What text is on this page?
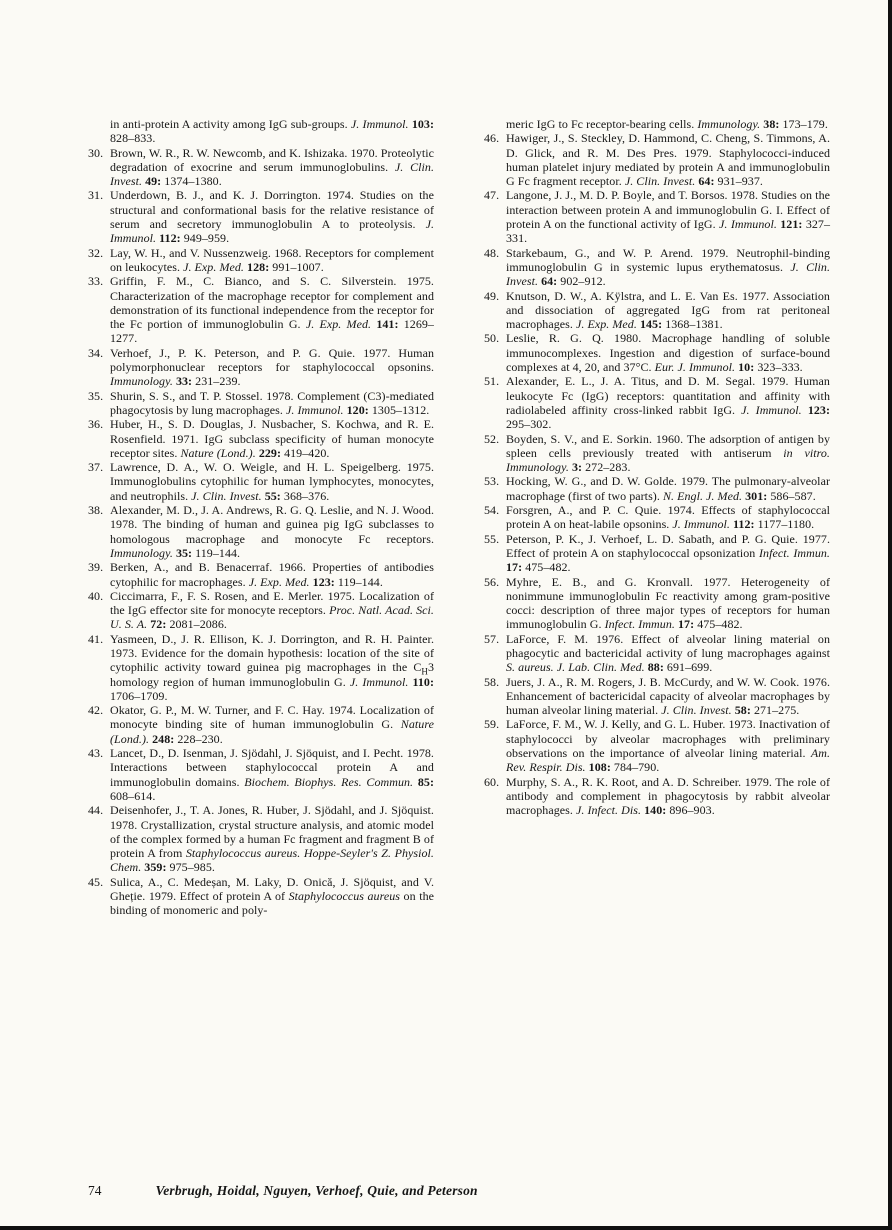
in anti-protein A activity among IgG sub-groups. J. Immunol. 103: 828–833.
30. Brown, W. R., R. W. Newcomb, and K. Ishizaka. 1970. Proteolytic degradation of exocrine and serum immunoglobulins. J. Clin. Invest. 49: 1374–1380.
31. Underdown, B. J., and K. J. Dorrington. 1974. Studies on the structural and conformational basis for the relative resistance of serum and secretory immunoglobulin A to proteolysis. J. Immunol. 112: 949–959.
32. Lay, W. H., and V. Nussenzweig. 1968. Receptors for complement on leukocytes. J. Exp. Med. 128: 991–1007.
33. Griffin, F. M., C. Bianco, and S. C. Silverstein. 1975. Characterization of the macrophage receptor for complement and demonstration of its functional independence from the receptor for the Fc portion of immunoglobulin G. J. Exp. Med. 141: 1269–1277.
34. Verhoef, J., P. K. Peterson, and P. G. Quie. 1977. Human polymorphonuclear receptors for staphylococcal opsonins. Immunology. 33: 231–239.
35. Shurin, S. S., and T. P. Stossel. 1978. Complement (C3)-mediated phagocytosis by lung macrophages. J. Immunol. 120: 1305–1312.
36. Huber, H., S. D. Douglas, J. Nusbacher, S. Kochwa, and R. E. Rosenfield. 1971. IgG subclass specificity of human monocyte receptor sites. Nature (Lond.). 229: 419–420.
37. Lawrence, D. A., W. O. Weigle, and H. L. Speigelberg. 1975. Immunoglobulins cytophilic for human lymphocytes, monocytes, and neutrophils. J. Clin. Invest. 55: 368–376.
38. Alexander, M. D., J. A. Andrews, R. G. Q. Leslie, and N. J. Wood. 1978. The binding of human and guinea pig IgG subclasses to homologous macrophage and monocyte Fc receptors. Immunology. 35: 119–144.
39. Berken, A., and B. Benacerraf. 1966. Properties of antibodies cytophilic for macrophages. J. Exp. Med. 123: 119–144.
40. Ciccimarra, F., F. S. Rosen, and E. Merler. 1975. Localization of the IgG effector site for monocyte receptors. Proc. Natl. Acad. Sci. U. S. A. 72: 2081–2086.
41. Yasmeen, D., J. R. Ellison, K. J. Dorrington, and R. H. Painter. 1973. Evidence for the domain hypothesis: location of the site of cytophilic activity toward guinea pig macrophages in the $C_H3$ homology region of human immunoglobulin G. J. Immunol. 110: 1706–1709.
42. Okator, G. P., M. W. Turner, and F. C. Hay. 1974. Localization of monocyte binding site of human immunoglobulin G. Nature (Lond.). 248: 228–230.
43. Lancet, D., D. Isenman, J. Sjödahl, J. Sjöquist, and I. Pecht. 1978. Interactions between staphylococcal protein A and immunoglobulin domains. Biochem. Biophys. Res. Commun. 85: 608–614.
44. Deisenhofer, J., T. A. Jones, R. Huber, J. Sjödahl, and J. Sjöquist. 1978. Crystallization, crystal structure analysis, and atomic model of the complex formed by a human Fc fragment and fragment B of protein A from Staphylococcus aureus. Hoppe-Seyler's Z. Physiol. Chem. 359: 975–985.
45. Sulica, A., C. Medeșan, M. Laky, D. Onică, J. Sjöquist, and V. Gheție. 1979. Effect of protein A of Staphylococcus aureus on the binding of monomeric and poly-
meric IgG to Fc receptor-bearing cells. Immunology. 38: 173–179.
46. Hawiger, J., S. Steckley, D. Hammond, C. Cheng, S. Timmons, A. D. Glick, and R. M. Des Pres. 1979. Staphylococci-induced human platelet injury mediated by protein A and immunoglobulin G Fc fragment receptor. J. Clin. Invest. 64: 931–937.
47. Langone, J. J., M. D. P. Boyle, and T. Borsos. 1978. Studies on the interaction between protein A and immunoglobulin G. I. Effect of protein A on the functional activity of IgG. J. Immunol. 121: 327–331.
48. Starkebaum, G., and W. P. Arend. 1979. Neutrophil-binding immunoglobulin G in systemic lupus erythematosus. J. Clin. Invest. 64: 902–912.
49. Knutson, D. W., A. Kÿlstra, and L. E. Van Es. 1977. Association and dissociation of aggregated IgG from rat peritoneal macrophages. J. Exp. Med. 145: 1368–1381.
50. Leslie, R. G. Q. 1980. Macrophage handling of soluble immunocomplexes. Ingestion and digestion of surface-bound complexes at 4, 20, and 37°C. Eur. J. Immunol. 10: 323–333.
51. Alexander, E. L., J. A. Titus, and D. M. Segal. 1979. Human leukocyte Fc (IgG) receptors: quantitation and affinity with radiolabeled affinity cross-linked rabbit IgG. J. Immunol. 123: 295–302.
52. Boyden, S. V., and E. Sorkin. 1960. The adsorption of antigen by spleen cells previously treated with antiserum in vitro. Immunology. 3: 272–283.
53. Hocking, W. G., and D. W. Golde. 1979. The pulmonary-alveolar macrophage (first of two parts). N. Engl. J. Med. 301: 586–587.
54. Forsgren, A., and P. C. Quie. 1974. Effects of staphylococcal protein A on heat-labile opsonins. J. Immunol. 112: 1177–1180.
55. Peterson, P. K., J. Verhoef, L. D. Sabath, and P. G. Quie. 1977. Effect of protein A on staphylococcal opsonization Infect. Immun. 17: 475–482.
56. Myhre, E. B., and G. Kronvall. 1977. Heterogeneity of nonimmune immunoglobulin Fc reactivity among gram-positive cocci: description of three major types of receptors for human immunoglobulin G. Infect. Immun. 17: 475–482.
57. LaForce, F. M. 1976. Effect of alveolar lining material on phagocytic and bactericidal activity of lung macrophages against S. aureus. J. Lab. Clin. Med. 88: 691–699.
58. Juers, J. A., R. M. Rogers, J. B. McCurdy, and W. W. Cook. 1976. Enhancement of bactericidal capacity of alveolar macrophages by human alveolar lining material. J. Clin. Invest. 58: 271–275.
59. LaForce, F. M., W. J. Kelly, and G. L. Huber. 1973. Inactivation of staphylococci by alveolar macrophages with preliminary observations on the importance of alveolar lining material. Am. Rev. Respir. Dis. 108: 784–790.
60. Murphy, S. A., R. K. Root, and A. D. Schreiber. 1979. The role of antibody and complement in phagocytosis by rabbit alveolar macrophages. J. Infect. Dis. 140: 896–903.
74	Verbrugh, Hoidal, Nguyen, Verhoef, Quie, and Peterson
